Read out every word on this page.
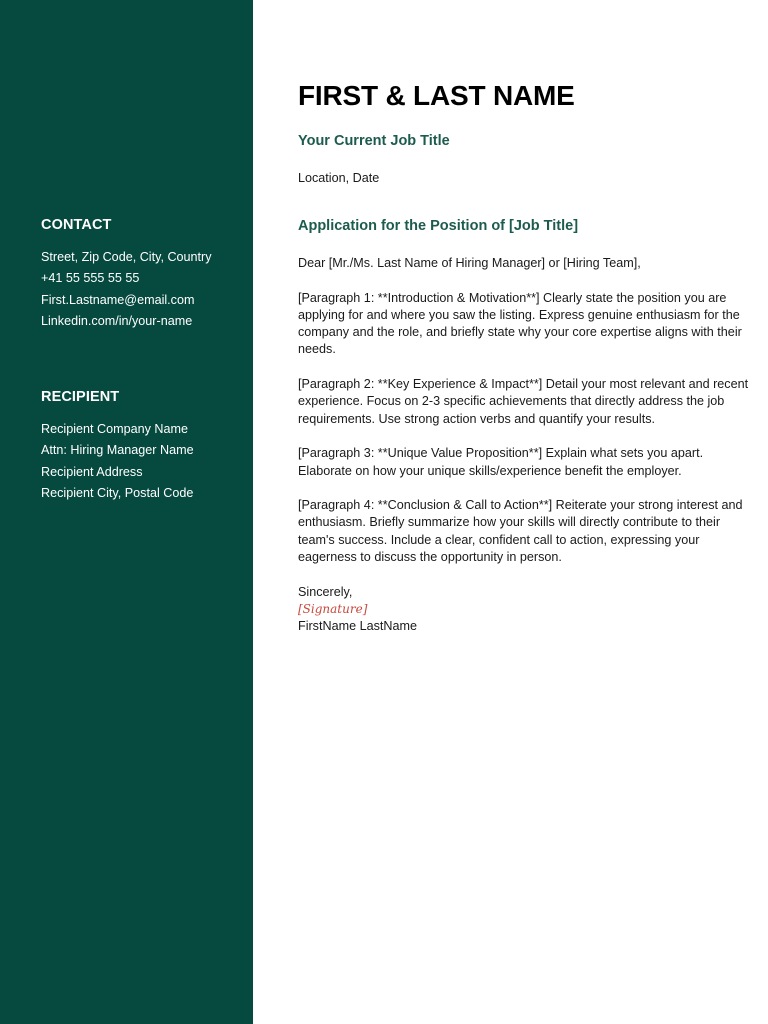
CONTACT
Street, Zip Code, City, Country
+41 55 555 55 55
First.Lastname@email.com
Linkedin.com/in/your-name
RECIPIENT
Recipient Company Name
Attn: Hiring Manager Name
Recipient Address
Recipient City, Postal Code
FIRST & LAST NAME
Your Current Job Title
Location, Date
Application for the Position of [Job Title]

Dear [Mr./Ms. Last Name of Hiring Manager] or [Hiring Team],

[Paragraph 1: **Introduction & Motivation**] Clearly state the position you are applying for and where you saw the listing. Express genuine enthusiasm for the company and the role, and briefly state why your core expertise aligns with their needs.

[Paragraph 2: **Key Experience & Impact**] Detail your most relevant and recent experience. Focus on 2-3 specific achievements that directly address the job requirements. Use strong action verbs and quantify your results.

[Paragraph 3: **Unique Value Proposition**] Explain what sets you apart. Elaborate on how your unique skills/experience benefit the employer.

[Paragraph 4: **Conclusion & Call to Action**] Reiterate your strong interest and enthusiasm. Briefly summarize how your skills will directly contribute to their team's success. Include a clear, confident call to action, expressing your eagerness to discuss the opportunity in person.

Sincerely,
[Signature]
FirstName LastName
